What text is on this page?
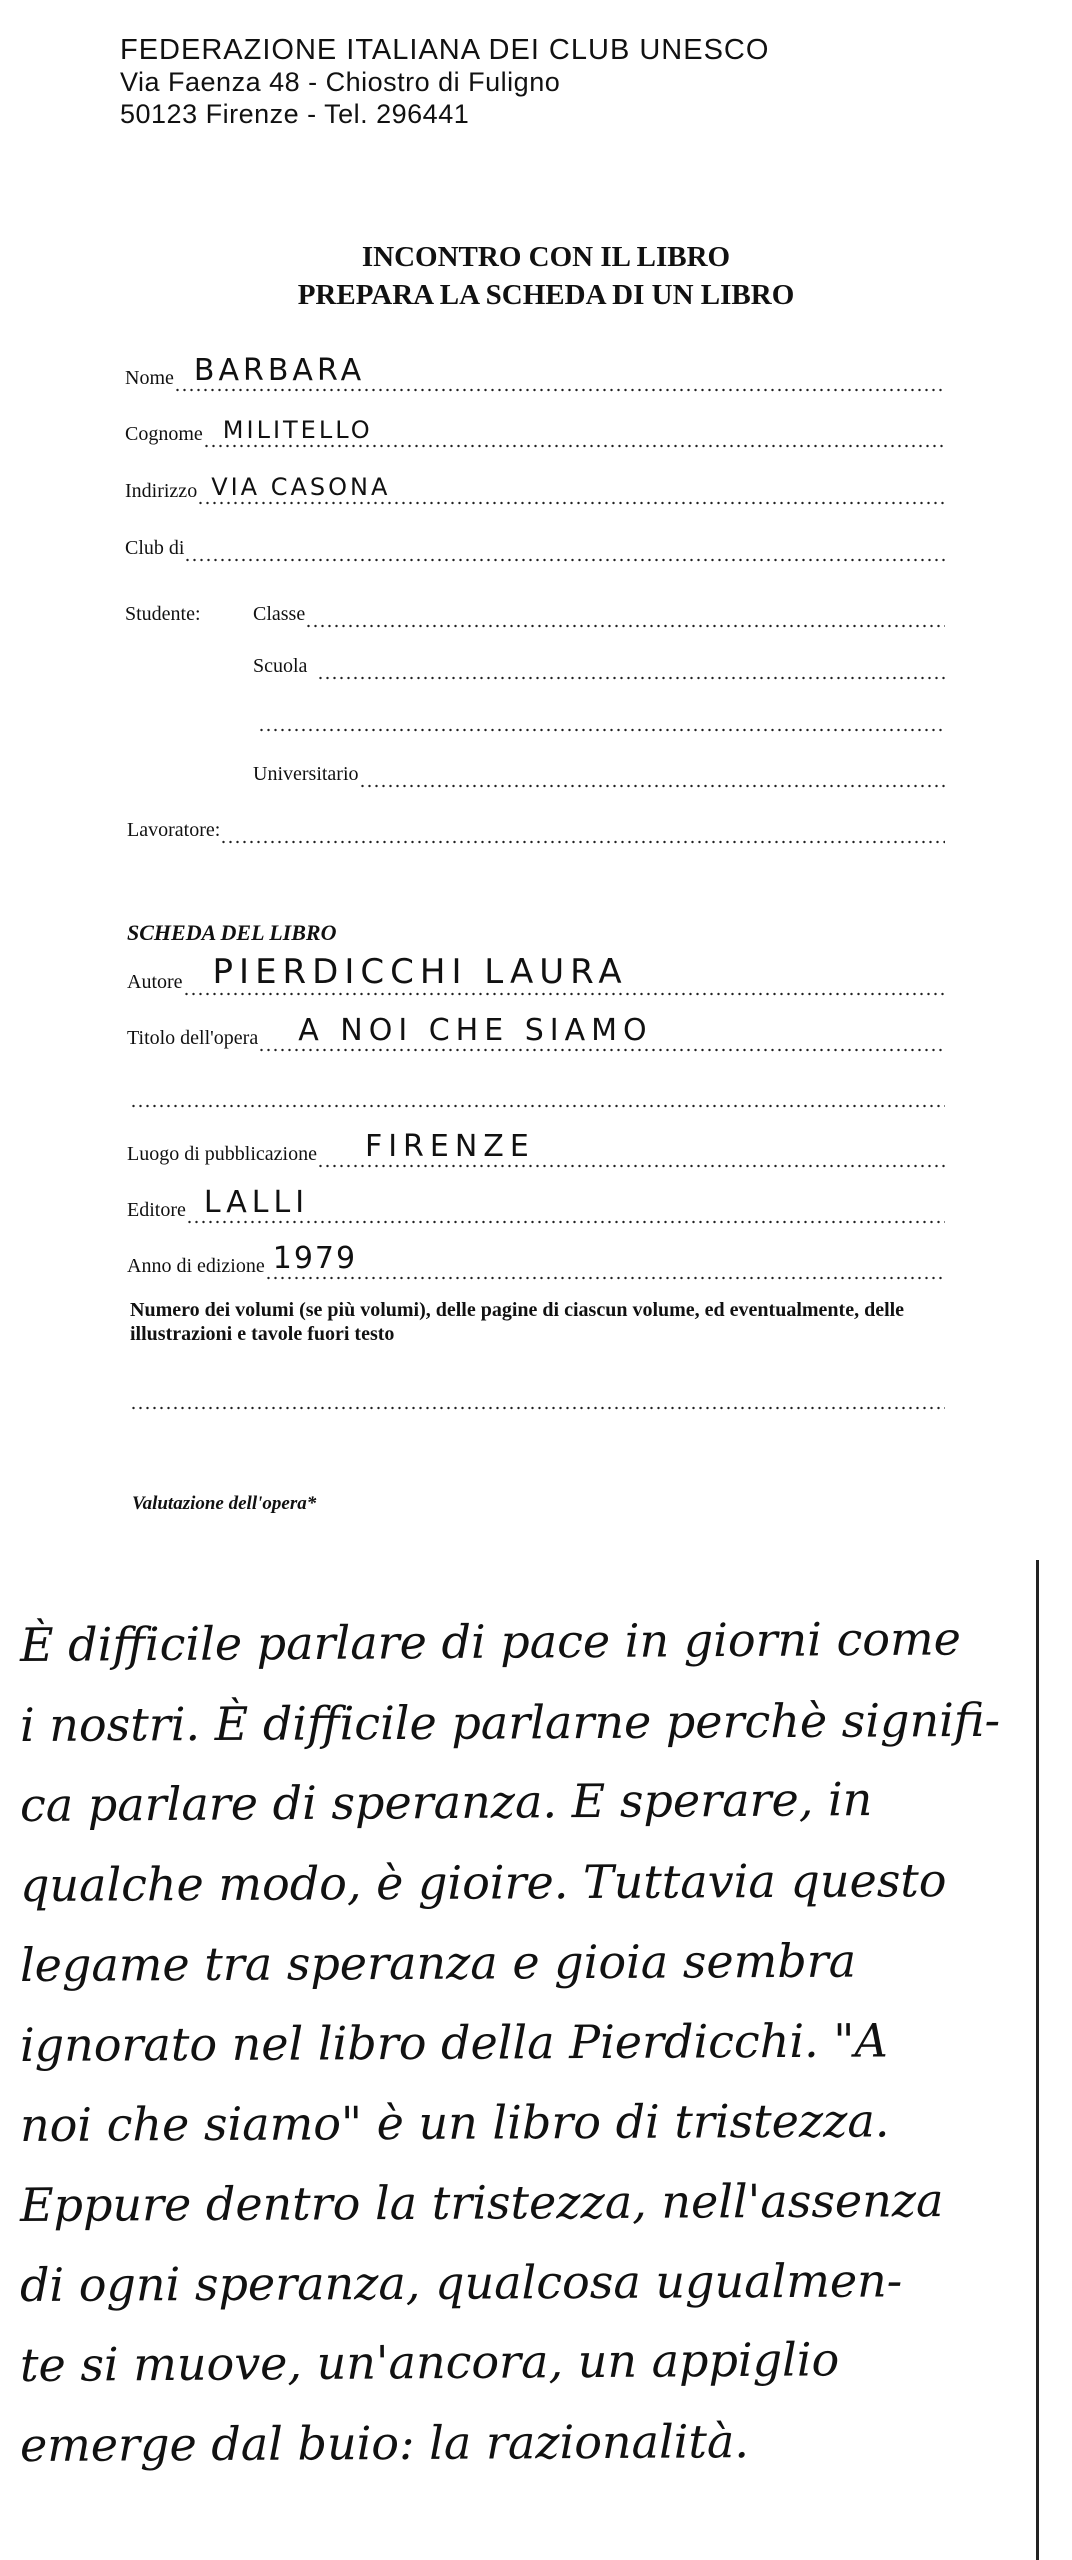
FEDERAZIONE ITALIANA DEI CLUB UNESCO
Via Faenza 48 - Chiostro di Fuligno
50123 Firenze - Tel. 296441
INCONTRO CON IL LIBRO
PREPARA LA SCHEDA DI UN LIBRO
Nome BARBARA
Cognome MILITELLO
Indirizzo VIA CASONA
Club di
Studente:	Classe
Scuola
Universitario
Lavoratore:
SCHEDA DEL LIBRO
Autore PIERDICCHI LAURA
Titolo dell'opera A NOI CHE SIAMO
Luogo di pubblicazione FIRENZE
Editore LALLI
Anno di edizione 1979
Numero dei volumi (se più volumi), delle pagine di ciascun volume, ed eventualmente, delle illustrazioni e tavole fuori testo
Valutazione dell'opera*
È difficile parlare di pace in giorni come
i nostri. È difficile parlarne perchè signifi-
ca parlare di speranza. E sperare, in
qualche modo, è gioire. Tuttavia questo
legame tra speranza e gioia sembra
ignorato nel libro della Pierdicchi. "A
noi che siamo" è un libro di tristezza.
Eppure dentro la tristezza, nell'assenza
di ogni speranza, qualcosa ugualmen-
te si muove, un'ancora, un appiglio
emerge dal buio: la razionalità.
